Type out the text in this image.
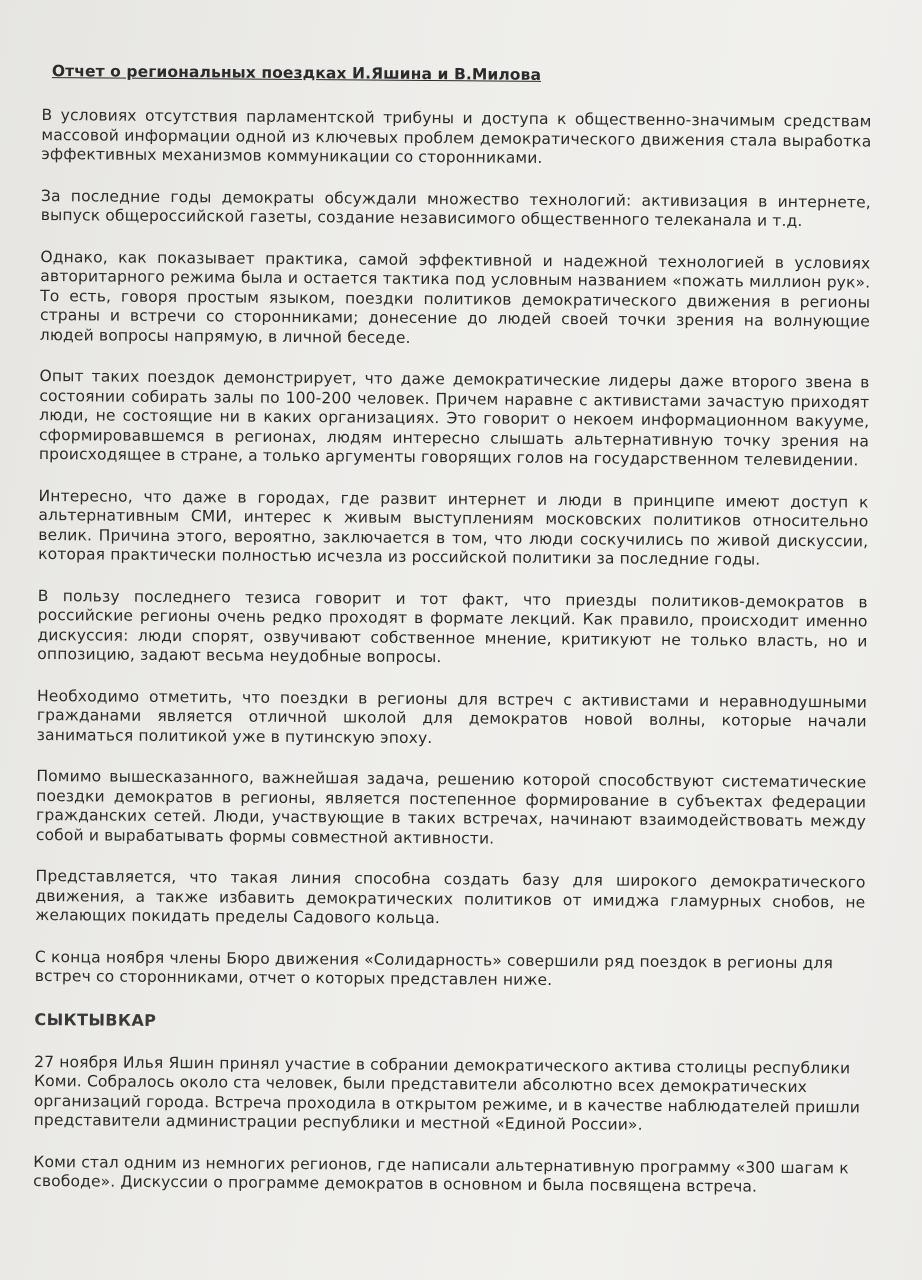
Отчет о региональных поездках И.Яшина и В.Милова

В условиях отсутствия парламентской трибуны и доступа к общественно-значимым средствам массовой информации одной из ключевых проблем демократического движения стала выработка эффективных механизмов коммуникации со сторонниками.

За последние годы демократы обсуждали множество технологий: активизация в интернете, выпуск общероссийской газеты, создание независимого общественного телеканала и т.д.

Однако, как показывает практика, самой эффективной и надежной технологией в условиях авторитарного режима была и остается тактика под условным названием «пожать миллион рук». То есть, говоря простым языком, поездки политиков демократического движения в регионы страны и встречи со сторонниками; донесение до людей своей точки зрения на волнующие людей вопросы напрямую, в личной беседе.

Опыт таких поездок демонстрирует, что даже демократические лидеры даже второго звена в состоянии собирать залы по 100-200 человек. Причем наравне с активистами зачастую приходят люди, не состоящие ни в каких организациях. Это говорит о некоем информационном вакууме, сформировавшемся в регионах, людям интересно слышать альтернативную точку зрения на происходящее в стране, а только аргументы говорящих голов на государственном телевидении.

Интересно, что даже в городах, где развит интернет и люди в принципе имеют доступ к альтернативным СМИ, интерес к живым выступлениям московских политиков относительно велик. Причина этого, вероятно, заключается в том, что люди соскучились по живой дискуссии, которая практически полностью исчезла из российской политики за последние годы.

В пользу последнего тезиса говорит и тот факт, что приезды политиков-демократов в российские регионы очень редко проходят в формате лекций. Как правило, происходит именно дискуссия: люди спорят, озвучивают собственное мнение, критикуют не только власть, но и оппозицию, задают весьма неудобные вопросы.

Необходимо отметить, что поездки в регионы для встреч с активистами и неравнодушными гражданами является отличной школой для демократов новой волны, которые начали заниматься политикой уже в путинскую эпоху.

Помимо вышесказанного, важнейшая задача, решению которой способствуют систематические поездки демократов в регионы, является постепенное формирование в субъектах федерации гражданских сетей. Люди, участвующие в таких встречах, начинают взаимодействовать между собой и вырабатывать формы совместной активности.

Представляется, что такая линия способна создать базу для широкого демократического движения, а также избавить демократических политиков от имиджа гламурных снобов, не желающих покидать пределы Садового кольца.

С конца ноября члены Бюро движения «Солидарность» совершили ряд поездок в регионы для встреч со сторонниками, отчет о которых представлен ниже.

СЫКТЫВКАР

27 ноября Илья Яшин принял участие в собрании демократического актива столицы республики Коми. Собралось около ста человек, были представители абсолютно всех демократических организаций города. Встреча проходила в открытом режиме, и в качестве наблюдателей пришли представители администрации республики и местной «Единой России».

Коми стал одним из немногих регионов, где написали альтернативную программу «300 шагам к свободе». Дискуссии о программе демократов в основном и была посвящена встреча.
